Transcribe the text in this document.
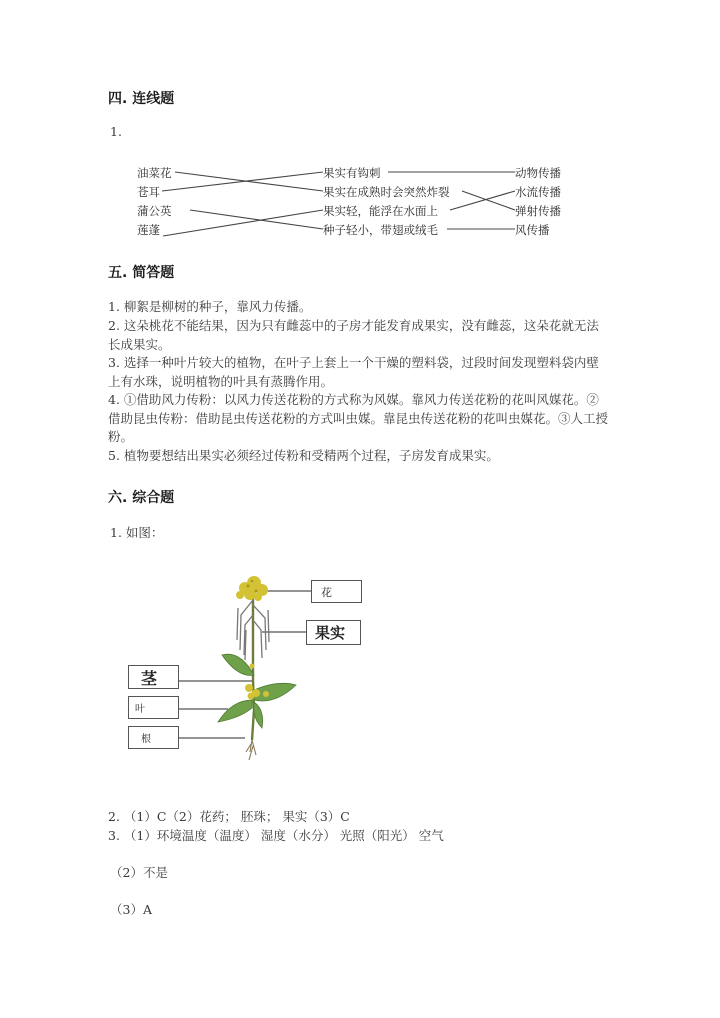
四. 连线题
1.
油菜花
苍耳
蒲公英
莲蓬
果实有钩刺
果实在成熟时会突然炸裂
果实轻，能浮在水面上
种子轻小，带翅或绒毛
动物传播
水流传播
弹射传播
风传播
五. 简答题
1. 柳絮是柳树的种子，靠风力传播。
2. 这朵桃花不能结果，因为只有雌蕊中的子房才能发育成果实，没有雌蕊，这朵花就无法长成果实。
3. 选择一种叶片较大的植物，在叶子上套上一个干燥的塑料袋，过段时间发现塑料袋内壁上有水珠，说明植物的叶具有蒸腾作用。
4. ①借助风力传粉：以风力传送花粉的方式称为风媒。靠风力传送花粉的花叫风媒花。②借助昆虫传粉：借助昆虫传送花粉的方式叫虫媒。靠昆虫传送花粉的花叫虫媒花。③人工授粉。
5. 植物要想结出果实必须经过传粉和受精两个过程，子房发育成果实。
六. 综合题
1. 如图：
花
果实
茎
叶
根
2. （1）C（2）花药； 胚珠； 果实（3）C
3. （1）环境温度（温度） 湿度（水分） 光照（阳光） 空气
（2）不是
（3）A
